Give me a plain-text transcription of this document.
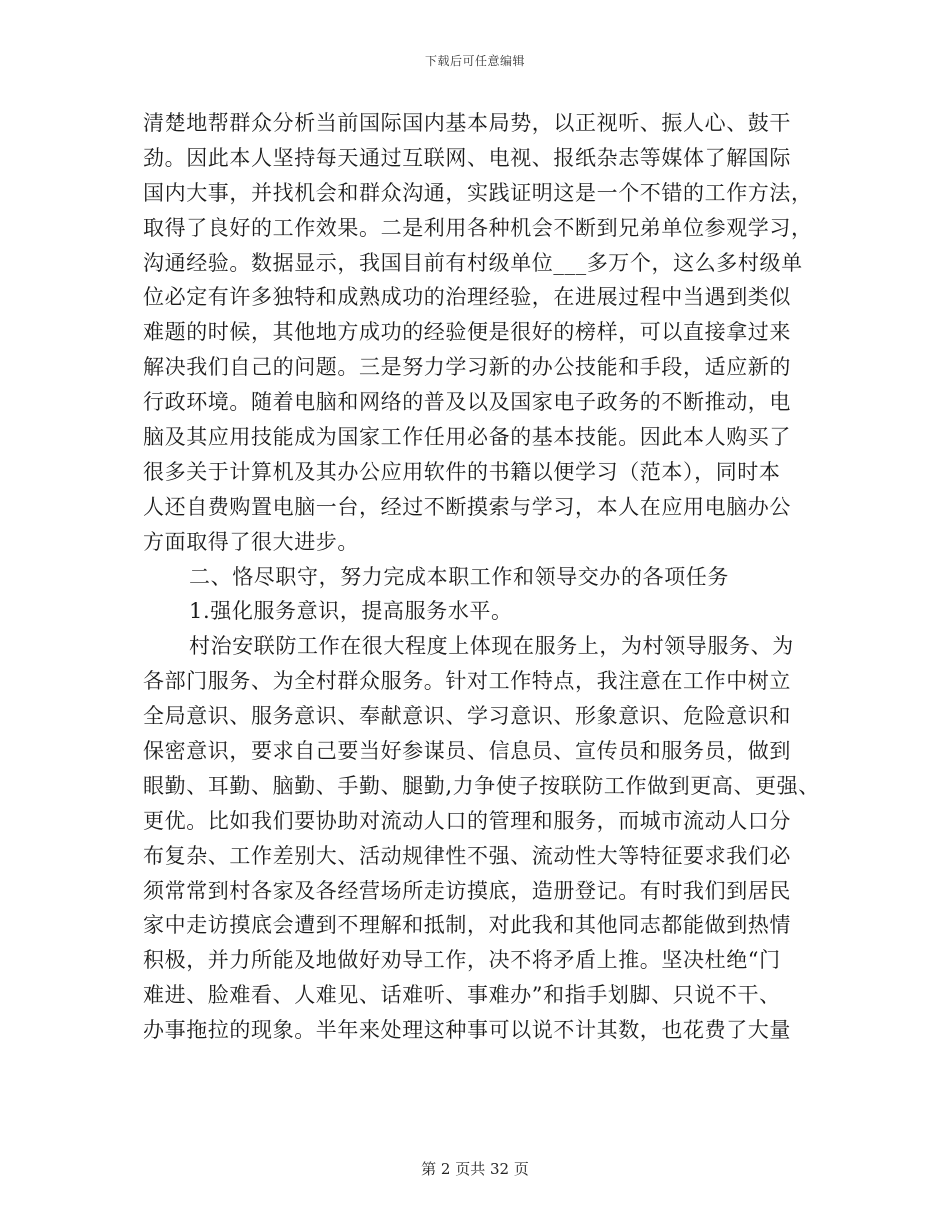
下载后可任意编辑
清楚地帮群众分析当前国际国内基本局势，以正视听、振人心、鼓干
劲。因此本人坚持每天通过互联网、电视、报纸杂志等媒体了解国际
国内大事，并找机会和群众沟通，实践证明这是一个不错的工作方法，
取得了良好的工作效果。二是利用各种机会不断到兄弟单位参观学习，
沟通经验。数据显示，我国目前有村级单位___多万个，这么多村级单
位必定有许多独特和成熟成功的治理经验，在进展过程中当遇到类似
难题的时候，其他地方成功的经验便是很好的榜样，可以直接拿过来
解决我们自己的问题。三是努力学习新的办公技能和手段，适应新的
行政环境。随着电脑和网络的普及以及国家电子政务的不断推动，电
脑及其应用技能成为国家工作任用必备的基本技能。因此本人购买了
很多关于计算机及其办公应用软件的书籍以便学习（范本），同时本
人还自费购置电脑一台，经过不断摸索与学习，本人在应用电脑办公
方面取得了很大进步。
二、恪尽职守，努力完成本职工作和领导交办的各项任务
1.强化服务意识，提高服务水平。
村治安联防工作在很大程度上体现在服务上，为村领导服务、为
各部门服务、为全村群众服务。针对工作特点，我注意在工作中树立
全局意识、服务意识、奉献意识、学习意识、形象意识、危险意识和
保密意识，要求自己要当好参谋员、信息员、宣传员和服务员，做到
眼勤、耳勤、脑勤、手勤、腿勤,力争使子按联防工作做到更高、更强、
更优。比如我们要协助对流动人口的管理和服务，而城市流动人口分
布复杂、工作差别大、活动规律性不强、流动性大等特征要求我们必
须常常到村各家及各经营场所走访摸底，造册登记。有时我们到居民
家中走访摸底会遭到不理解和抵制，对此我和其他同志都能做到热情
积极，并力所能及地做好劝导工作，决不将矛盾上推。坚决杜绝“门
难进、脸难看、人难见、话难听、事难办”和指手划脚、只说不干、
办事拖拉的现象。半年来处理这种事可以说不计其数，也花费了大量
第 2 页共 32 页
